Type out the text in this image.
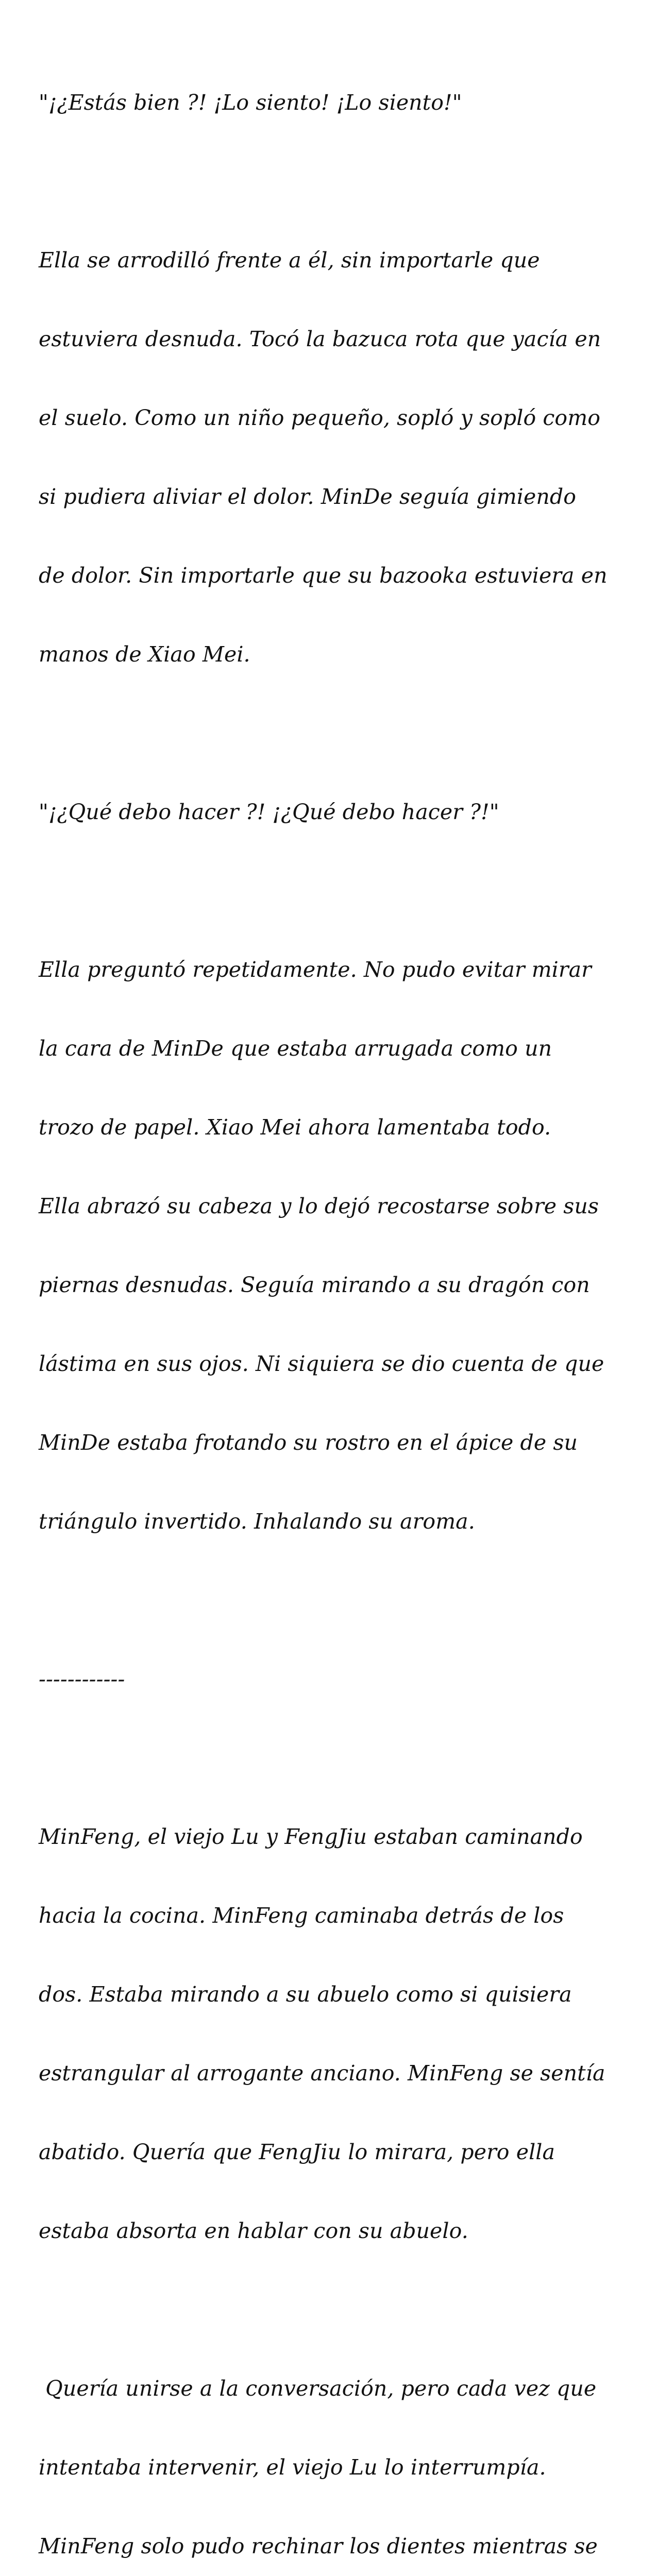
"¡¿Estás bien ?! ¡Lo siento! ¡Lo siento!"

Ella se arrodilló frente a él, sin importarle que

estuviera desnuda. Tocó la bazuca rota que yacía en

el suelo. Como un niño pequeño, sopló y sopló como

si pudiera aliviar el dolor. MinDe seguía gimiendo

de dolor. Sin importarle que su bazooka estuviera en

manos de Xiao Mei.

"¡¿Qué debo hacer ?! ¡¿Qué debo hacer ?!"

Ella preguntó repetidamente. No pudo evitar mirar

la cara de MinDe que estaba arrugada como un

trozo de papel. Xiao Mei ahora lamentaba todo.

Ella abrazó su cabeza y lo dejó recostarse sobre sus

piernas desnudas. Seguía mirando a su dragón con

lástima en sus ojos. Ni siquiera se dio cuenta de que

MinDe estaba frotando su rostro en el ápice de su

triángulo invertido. Inhalando su aroma.

------------

MinFeng, el viejo Lu y FengJiu estaban caminando

hacia la cocina. MinFeng caminaba detrás de los

dos. Estaba mirando a su abuelo como si quisiera

estrangular al arrogante anciano. MinFeng se sentía

abatido. Quería que FengJiu lo mirara, pero ella

estaba absorta en hablar con su abuelo.

Quería unirse a la conversación, pero cada vez que

intentaba intervenir, el viejo Lu lo interrumpía.

MinFeng solo pudo rechinar los dientes mientras se
